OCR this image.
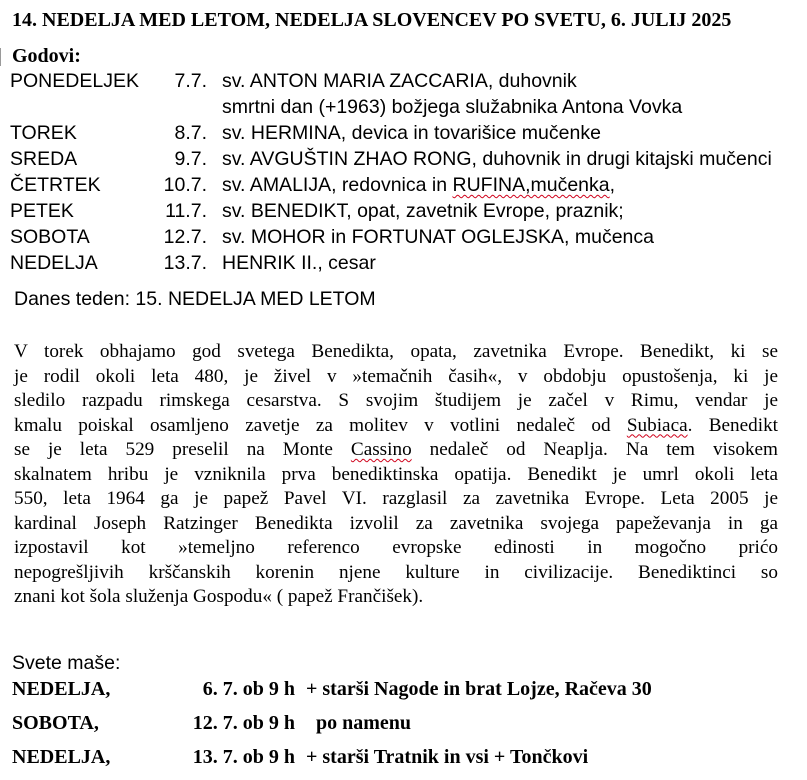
14. NEDELJA MED LETOM, NEDELJA SLOVENCEV PO SVETU, 6. JULIJ 2025
Godovi:
PONEDELJEK	7.7. sv. ANTON MARIA ZACCARIA, duhovnik
smrtni dan (+1963) božjega služabnika Antona Vovka
TOREK	8.7. sv. HERMINA, devica in tovarišice mučenke
SREDA	9.7. sv. AVGUŠTIN ZHAO RONG, duhovnik in drugi kitajski mučenci
ČETRTEK	10.7. sv. AMALIJA, redovnica in RUFINA,mučenka,
PETEK	11.7. sv. BENEDIKT, opat, zavetnik Evrope, praznik;
SOBOTA	12.7. sv. MOHOR in FORTUNAT OGLEJSKA, mučenca
NEDELJA	13.7. HENRIK II., cesar
Danes teden: 15. NEDELJA MED LETOM
V torek obhajamo god svetega Benedikta, opata, zavetnika Evrope. Benedikt, ki se
je rodil okoli leta 480, je živel v »temačnih časih«, v obdobju opustošenja, ki je
sledilo razpadu rimskega cesarstva. S svojim študijem je začel v Rimu, vendar je
kmalu poiskal osamljeno zavetje za molitev v votlini nedaleč od Subiaca. Benedikt
se je leta 529 preselil na Monte Cassino nedaleč od Neaplja. Na tem visokem
skalnatem hribu je vzniknila prva benediktinska opatija. Benedikt je umrl okoli leta
550, leta 1964 ga je papež Pavel VI. razglasil za zavetnika Evrope. Leta 2005 je
kardinal Joseph Ratzinger Benedikta izvolil za zavetnika svojega papeževanja in ga
izpostavil kot »temeljno referenco evropske edinosti in mogočno prićo
nepogrešljivih krščanskih korenin njene kulture in civilizacije. Benediktinci so
znani kot šola služenja Gospodu« ( papež Frančišek).
Svete maše:
NEDELJA,	6. 7. ob 9 h + starši Nagode in brat Lojze, Račeva 30
SOBOTA,	12. 7. ob 9 h po namenu
NEDELJA,	13. 7. ob 9 h + starši Tratnik in vsi + Tončkovi
